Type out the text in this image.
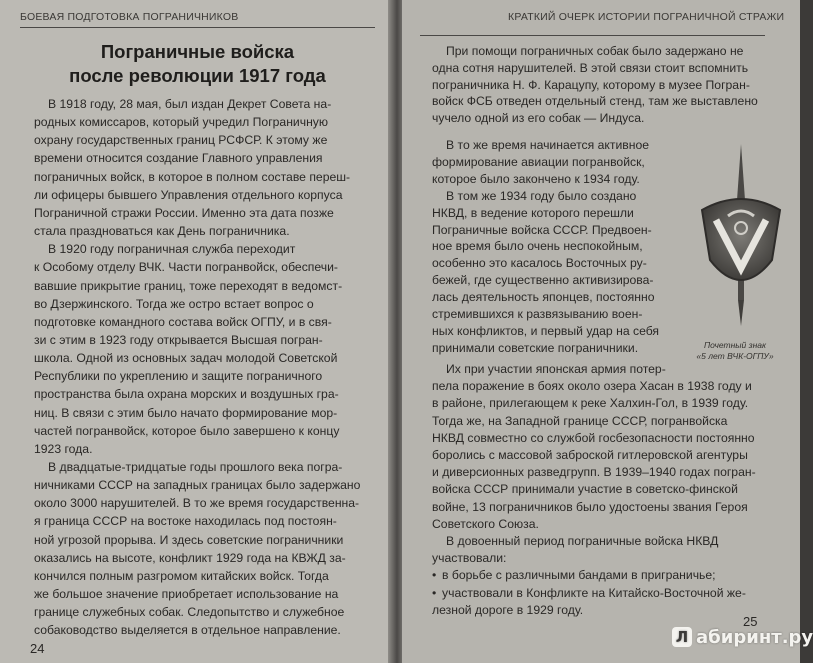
БОЕВАЯ ПОДГОТОВКА ПОГРАНИЧНИКОВ
Пограничные войска
после революции 1917 года
В 1918 году, 28 мая, был издан Декрет Совета на-
родных комиссаров, который учредил Пограничную
охрану государственных границ РСФСР. К этому же
времени относится создание Главного управления
пограничных войск, в которое в полном составе переш-
ли офицеры бывшего Управления отдельного корпуса
Пограничной стражи России. Именно эта дата позже
стала праздноваться как День пограничника.
В 1920 году пограничная служба переходит
к Особому отделу ВЧК. Части погранвойск, обеспечи-
вавшие прикрытие границ, тоже переходят в ведомст-
во Дзержинского. Тогда же остро встает вопрос о
подготовке командного состава войск ОГПУ, и в свя-
зи с этим в 1923 году открывается Высшая погран-
школа. Одной из основных задач молодой Советской
Республики по укреплению и защите пограничного
пространства была охрана морских и воздушных гра-
ниц. В связи с этим было начато формирование мор-
частей погранвойск, которое было завершено к концу
1923 года.
В двадцатые-тридцатые годы прошлого века погра-
ничниками СССР на западных границах было задержано
около 3000 нарушителей. В то же время государственна-
я граница СССР на востоке находилась под постоян-
ной угрозой прорыва. И здесь советские пограничники
оказались на высоте, конфликт 1929 года на КВЖД за-
кончился полным разгромом китайских войск. Тогда
же большое значение приобретает использование на
границе служебных собак. Следопытство и служебное
собаководство выделяется в отдельное направление.
24
КРАТКИЙ ОЧЕРК ИСТОРИИ ПОГРАНИЧНОЙ СТРАЖИ
При помощи пограничных собак было задержано не
одна сотня нарушителей. В этой связи стоит вспомнить
пограничника Н. Ф. Карацупу, которому в музее Погран-
войск ФСБ отведен отдельный стенд, там же выставлено
чучело одной из его собак — Индуса.
В то же время начинается активное
формирование авиации погранвойск,
которое было закончено к 1934 году.
В том же 1934 году было создано
НКВД, в ведение которого перешли
Пограничные войска СССР. Предвоен-
ное время было очень неспокойным,
особенно это касалось Восточных ру-
бежей, где существенно активизирова-
лась деятельность японцев, постоянно
стремившихся к развязыванию воен-
ных конфликтов, и первый удар на себя
принимали советские пограничники.
Их при участии японская армия потер-
пела поражение в боях около озера Хасан в 1938 году и
в районе, прилегающем к реке Халхин-Гол, в 1939 году.
Тогда же, на Западной границе СССР, погранвойска
НКВД совместно со службой госбезопасности постоянно
боролись с массовой заброской гитлеровской агентуры
и диверсионных разведгрупп. В 1939–1940 годах погран-
войска СССР принимали участие в советско-финской
войне, 13 пограничников было удостоены звания Героя
Советского Союза.
В довоенный период пограничные войска НКВД
участвовали:
• в борьбе с различными бандами в приграничье;
• участвовали в Конфликте на Китайско-Восточной же-
лезной дороге в 1929 году.
Почетный знак
«5 лет ВЧК-ОГПУ»
25
Л абиринт.ру
